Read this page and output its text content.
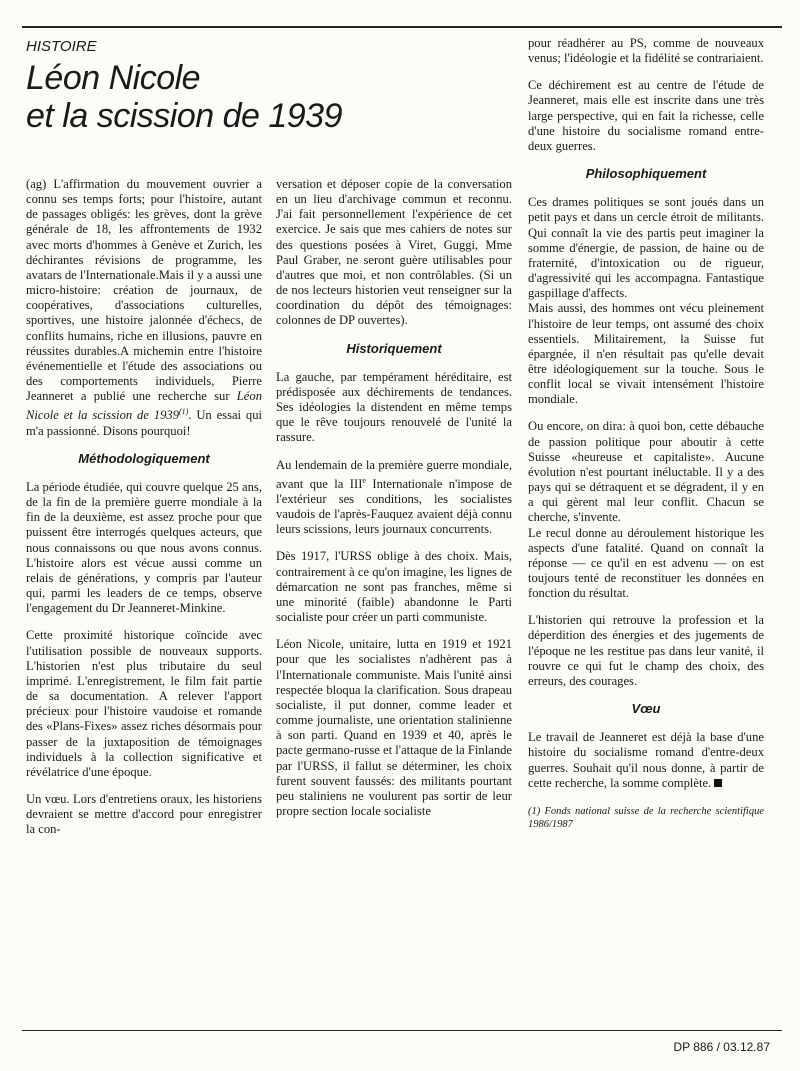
HISTOIRE
Léon Nicole
et la scission de 1939

(ag) L'affirmation du mouvement ouvrier a connu ses temps forts; pour l'histoire, autant de passages obligés: les grèves, dont la grève générale de 18, les affrontements de 1932 avec morts d'hommes à Genève et Zurich, les déchirantes révisions de programme, les avatars de l'Internationale.Mais il y a aussi une micro-histoire: création de journaux, de coopératives, d'associations culturelles, sportives, une histoire jalonnée d'échecs, de conflits humains, riche en illusions, pauvre en réussites durables.A michemin entre l'histoire événementielle et l'étude des associations ou des comportements individuels, Pierre Jeanneret a publié une recherche sur Léon Nicole et la scission de 1939$^{(1)}$. Un essai qui m'a passionné. Disons pourquoi!

Méthodologiquement

La période étudiée, qui couvre quelque 25 ans, de la fin de la première guerre mondiale à la fin de la deuxième, est assez proche pour que puissent être interrogés quelques acteurs, que nous connaissons ou que nous avons connus. L'histoire alors est vécue aussi comme un relais de générations, y compris par l'auteur qui, parmi les leaders de ce temps, observe l'engagement du Dr Jeanneret-Minkine.

Cette proximité historique coïncide avec l'utilisation possible de nouveaux supports. L'historien n'est plus tributaire du seul imprimé. L'enregistrement, le film fait partie de sa documentation. A relever l'apport précieux pour l'histoire vaudoise et romande des «Plans-Fixes» assez riches désormais pour passer de la juxtaposition de témoignages individuels à la collection significative et révélatrice d'une époque.

Un vœu. Lors d'entretiens oraux, les historiens devraient se mettre d'accord pour enregistrer la con-

versation et déposer copie de la conversation en un lieu d'archivage commun et reconnu. J'ai fait personnellement l'expérience de cet exercice. Je sais que mes cahiers de notes sur des questions posées à Viret, Guggi, Mme Paul Graber, ne seront guère utilisables pour d'autres que moi, et non contrôlables. (Si un de nos lecteurs historien veut renseigner sur la coordination du dépôt des témoignages: colonnes de DP ouvertes).

Historiquement

La gauche, par tempérament héréditaire, est prédisposée aux déchirements de tendances. Ses idéologies la distendent en même temps que le rêve toujours renouvelé de l'unité la rassure.

Au lendemain de la première guerre mondiale, avant que la IIIe Internationale n'impose de l'extérieur ses conditions, les socialistes vaudois de l'après-Fauquez avaient déjà connu leurs scissions, leurs journaux concurrents.

Dès 1917, l'URSS oblige à des choix. Mais, contrairement à ce qu'on imagine, les lignes de démarcation ne sont pas franches, même si une minorité (faible) abandonne le Parti socialiste pour créer un parti communiste.

Léon Nicole, unitaire, lutta en 1919 et 1921 pour que les socialistes n'adhèrent pas à l'Internationale communiste. Mais l'unité ainsi respectée bloqua la clarification. Sous drapeau socialiste, il put donner, comme leader et comme journaliste, une orientation stalinienne à son parti. Quand en 1939 et 40, après le pacte germano-russe et l'attaque de la Finlande par l'URSS, il fallut se déterminer, les choix furent souvent faussés: des militants pourtant peu staliniens ne voulurent pas sortir de leur propre section locale socialiste

pour réadhérer au PS, comme de nouveaux venus; l'idéologie et la fidélité se contrariaient.

Ce déchirement est au centre de l'étude de Jeanneret, mais elle est inscrite dans une très large perspective, qui en fait la richesse, celle d'une histoire du socialisme romand entre-deux guerres.

Philosophiquement

Ces drames politiques se sont joués dans un petit pays et dans un cercle étroit de militants. Qui connaît la vie des partis peut imaginer la somme d'énergie, de passion, de haine ou de fraternité, d'intoxication ou de rigueur, d'agressivité qui les accompagna. Fantastique gaspillage d'affects.

Mais aussi, des hommes ont vécu pleinement l'histoire de leur temps, ont assumé des choix essentiels. Militairement, la Suisse fut épargnée, il n'en résultait pas qu'elle devait être idéologiquement sur la touche. Sous le conflit local se vivait intensément l'histoire mondiale.

Ou encore, on dira: à quoi bon, cette débauche de passion politique pour aboutir à cette Suisse «heureuse et capitaliste». Aucune évolution n'est pourtant inéluctable. Il y a des pays qui se détraquent et se dégradent, il y en a qui gèrent mal leur conflit. Chacun se cherche, s'invente.

Le recul donne au déroulement historique les aspects d'une fatalité. Quand on connaît la réponse — ce qu'il en est advenu — on est toujours tenté de reconstituer les données en fonction du résultat.

L'historien qui retrouve la profession et la déperdition des énergies et des jugements de l'époque ne les restitue pas dans leur vanité, il rouvre ce qui fut le champ des choix, des erreurs, des courages.

Vœu

Le travail de Jeanneret est déjà la base d'une histoire du socialisme romand d'entre-deux guerres. Souhait qu'il nous donne, à partir de cette recherche, la somme complète.

(1) Fonds national suisse de la recherche scientifique 1986/1987
DP 886 / 03.12.87
